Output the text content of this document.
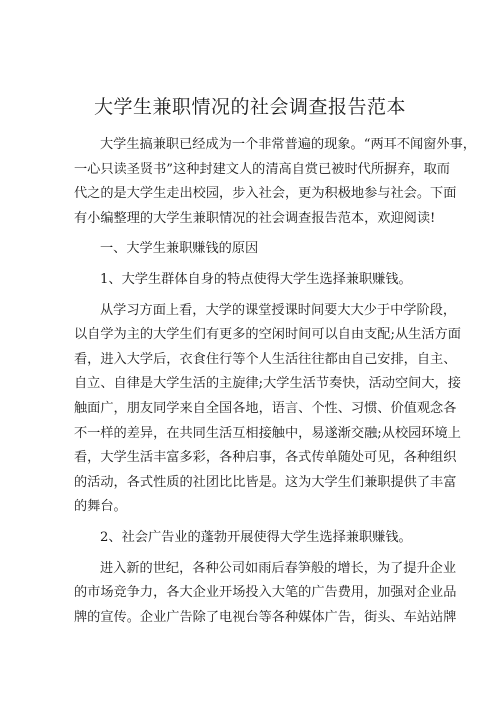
大学生兼职情况的社会调查报告范本
大学生搞兼职已经成为一个非常普遍的现象。“两耳不闻窗外事，
一心只读圣贤书”这种封建文人的清高自赏已被时代所摒弃，取而
代之的是大学生走出校园，步入社会，更为积极地参与社会。下面
有小编整理的大学生兼职情况的社会调查报告范本，欢迎阅读!
一、大学生兼职赚钱的原因
1、大学生群体自身的特点使得大学生选择兼职赚钱。
从学习方面上看，大学的课堂授课时间要大大少于中学阶段，
以自学为主的大学生们有更多的空闲时间可以自由支配;从生活方面
看，进入大学后，衣食住行等个人生活往往都由自己安排，自主、
自立、自律是大学生活的主旋律;大学生活节奏快，活动空间大，接
触面广，朋友同学来自全国各地，语言、个性、习惯、价值观念各
不一样的差异，在共同生活互相接触中，易遂渐交融;从校园环境上
看，大学生活丰富多彩，各种启事，各式传单随处可见，各种组织
的活动，各式性质的社团比比皆是。这为大学生们兼职提供了丰富
的舞台。
2、社会广告业的蓬勃开展使得大学生选择兼职赚钱。
进入新的世纪，各种公司如雨后春笋般的增长，为了提升企业
的市场竞争力，各大企业开场投入大笔的广告费用，加强对企业品
牌的宣传。企业广告除了电视台等各种媒体广告，街头、车站站牌
